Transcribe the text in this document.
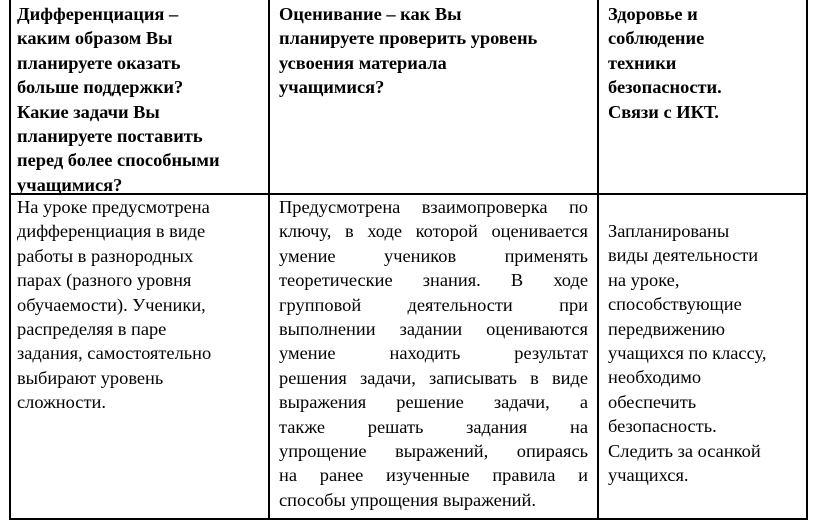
Дифференциация –
каким образом Вы
планируете оказать
больше поддержки?
Какие задачи Вы
планируете поставить
перед более способными
учащимися?
Оценивание – как Вы
планируете проверить уровень
усвоения материала
учащимися?
Здоровье и
соблюдение
техники
безопасности.
Связи с ИКТ.
На уроке предусмотрена
дифференциация в виде
работы в разнородных
парах (разного уровня
обучаемости). Ученики,
распределяя в паре
задания, самостоятельно
выбирают уровень
сложности.
Предусмотрена взаимопроверка по
ключу, в ходе которой оценивается
умение учеников применять
теоретические знания. В ходе
групповой деятельности при
выполнении задании оцениваются
умение находить результат
решения задачи, записывать в виде
выражения решение задачи, а
также решать задания на
упрощение выражений, опираясь
на ранее изученные правила и
способы упрощения выражений.
Запланированы
виды деятельности
на уроке,
способствующие
передвижению
учащихся по классу,
необходимо
обеспечить
безопасность.
Следить за осанкой
учащихся.
